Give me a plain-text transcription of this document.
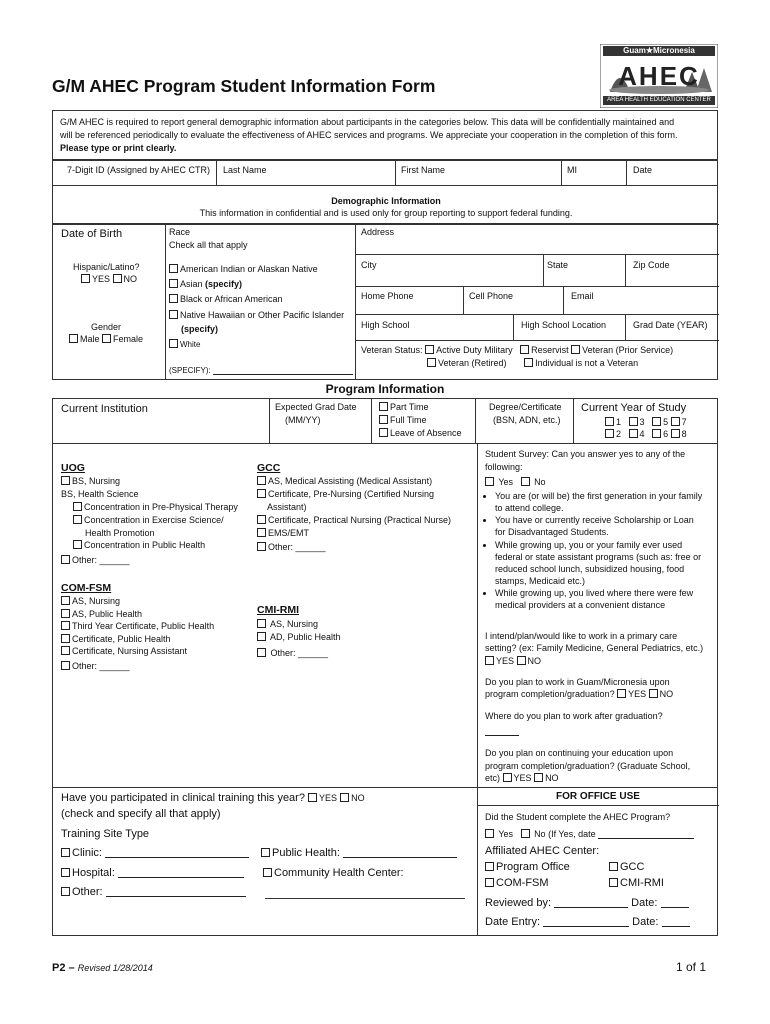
G/M AHEC Program Student Information Form
Guam★Micronesia
AHEC
AREA HEALTH EDUCATION CENTER
G/M AHEC is required to report general demographic information about participants in the categories below. This data will be confidentially maintained and
will be referenced periodically to evaluate the effectiveness of AHEC services and programs. We appreciate your cooperation in the completion of this form.
Please type or print clearly.
7-Digit ID (Assigned by AHEC CTR) Last Name	First Name	MI	Date
Demographic Information
This information in confidential and is used only for group reporting to support federal funding.
Date of Birth	Race
Check all that apply
Address
Hispanic/Latino?
YES NO
Gender
Male Female
American Indian or Alaskan Native
Asian (specify)
Black or African American
Native Hawaiian or Other Pacific Islander
(specify)
White
(SPECIFY):
City	State	Zip Code
Home Phone	Cell Phone	Email
High School	High School Location	Grad Date (YEAR)
Veteran Status: Active Duty Military Reservist Veteran (Prior Service)
Veteran (Retired)	Individual is not a Veteran
Program Information
Current Institution	Expected Grad Date
(MM/YY)
Part Time
Full Time
Leave of Absence
Degree/Certificate
(BSN, ADN, etc.)
Current Year of Study
1 3 5 7
2 4 6 8
UOG
BS, Nursing
BS, Health Science
Concentration in Pre-Physical Therapy
Concentration in Exercise Science/
Health Promotion
Concentration in Public Health
Other: ______
GCC
AS, Medical Assisting (Medical Assistant)
Certificate, Pre-Nursing (Certified Nursing
Assistant)
Certificate, Practical Nursing (Practical Nurse)
EMS/EMT
Other: ______
COM-FSM
AS, Nursing
AS, Public Health
Third Year Certificate, Public Health
Certificate, Public Health
Certificate, Nursing Assistant
Other: ______
CMI-RMI
AS, Nursing
AD, Public Health
Other: ______
Student Survey: Can you answer yes to any of the
following:
Yes No
• You are (or will be) the first generation in your family to attend college.
• You have or currently receive Scholarship or Loan for Disadvantaged Students.
• While growing up, you or your family ever used federal or state assistant programs (such as: free or reduced school lunch, subsidized housing, food stamps, Medicaid etc.)
• While growing up, you lived where there were few medical providers at a convenient distance
I intend/plan/would like to work in a primary care
setting? (ex: Family Medicine, General Pediatrics, etc.)
YES NO
Do you plan to work in Guam/Micronesia upon
program completion/graduation? YES NO
Where do you plan to work after graduation?
Do you plan on continuing your education upon
program completion/graduation? (Graduate School,
etc) YES NO
Have you participated in clinical training this year? YES NO
(check and specify all that apply)
Training Site Type
Clinic:	Public Health:
Hospital:	Community Health Center:
Other:
FOR OFFICE USE
Did the Student complete the AHEC Program?
Yes No (If Yes, date
Affiliated AHEC Center:
Program Office	GCC
COM-FSM	CMI-RMI
Reviewed by:	Date:
Date Entry:	Date:
P2 – Revised 1/28/2014	1 of 1
